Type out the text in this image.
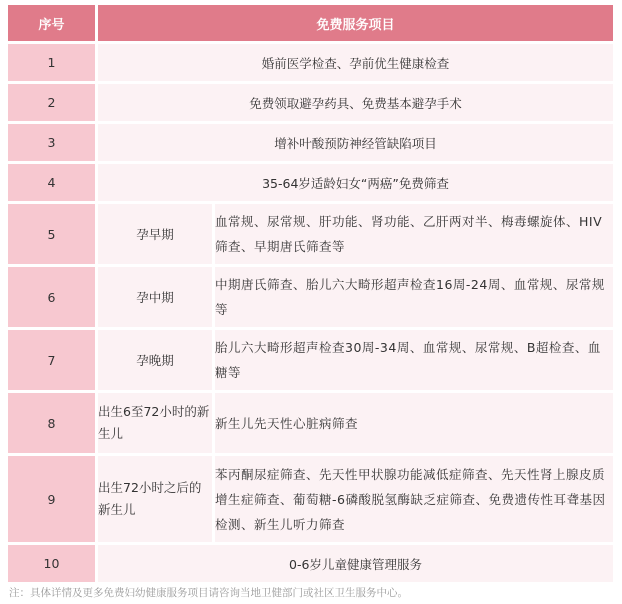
序号	免费服务项目	
1	婚前医学检查、孕前优生健康检查	
2	免费领取避孕药具、免费基本避孕手术	
3	增补叶酸预防神经管缺陷项目	
4	35-64岁适龄妇女“两癌”免费筛查	
5	孕早期	血常规、尿常规、肝功能、肾功能、乙肝两对半、梅毒螺旋体、HIV筛查、早期唐氏筛查等
6	孕中期	中期唐氏筛查、胎儿六大畸形超声检查16周-24周、血常规、尿常规等
7	孕晚期	胎儿六大畸形超声检查30周-34周、血常规、尿常规、B超检查、血糖等
8	出生6至72小时的新生儿	新生儿先天性心脏病筛查
9	出生72小时之后的新生儿	苯丙酮尿症筛查、先天性甲状腺功能减低症筛查、先天性肾上腺皮质增生症筛查、葡萄糖-6磷酸脱氢酶缺乏症筛查、免费遗传性耳聋基因检测、新生儿听力筛查
10	0-6岁儿童健康管理服务	
注：具体详情及更多免费妇幼健康服务项目请咨询当地卫健部门或社区卫生服务中心。
